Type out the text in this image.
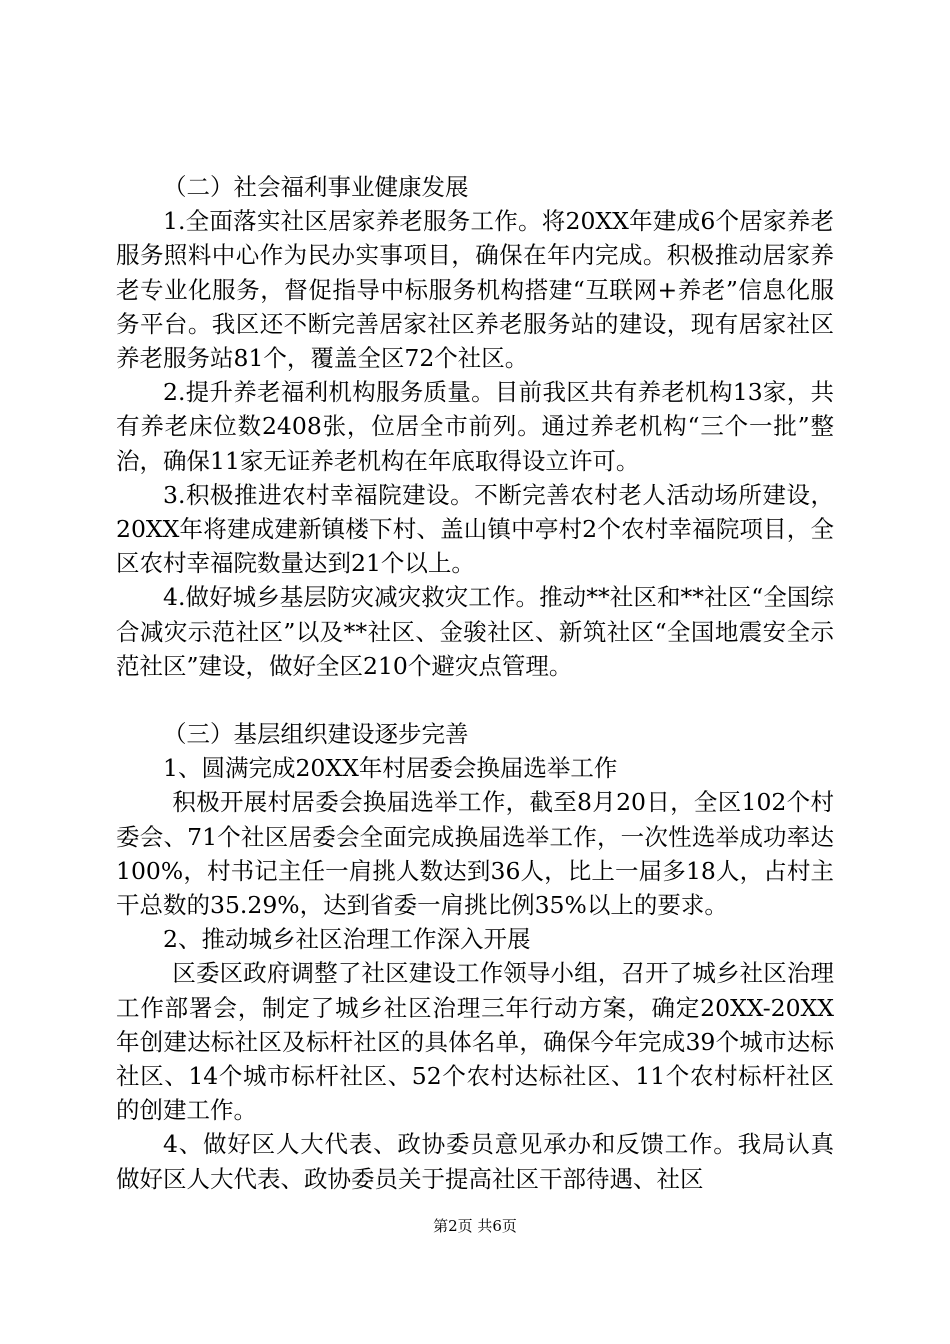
（二）社会福利事业健康发展

1.全面落实社区居家养老服务工作。将20XX年建成6个居家养老服务照料中心作为民办实事项目，确保在年内完成。积极推动居家养老专业化服务，督促指导中标服务机构搭建“互联网+养老”信息化服务平台。我区还不断完善居家社区养老服务站的建设，现有居家社区养老服务站81个，覆盖全区72个社区。

2.提升养老福利机构服务质量。目前我区共有养老机构13家，共有养老床位数2408张，位居全市前列。通过养老机构“三个一批”整治，确保11家无证养老机构在年底取得设立许可。

3.积极推进农村幸福院建设。不断完善农村老人活动场所建设，20XX年将建成建新镇楼下村、盖山镇中亭村2个农村幸福院项目，全区农村幸福院数量达到21个以上。

4.做好城乡基层防灾减灾救灾工作。推动**社区和**社区“全国综合减灾示范社区”以及**社区、金骏社区、新筑社区“全国地震安全示范社区”建设，做好全区210个避灾点管理。

（三）基层组织建设逐步完善

1、圆满完成20XX年村居委会换届选举工作

积极开展村居委会换届选举工作，截至8月20日，全区102个村委会、71个社区居委会全面完成换届选举工作，一次性选举成功率达100%，村书记主任一肩挑人数达到36人，比上一届多18人，占村主干总数的35.29%，达到省委一肩挑比例35%以上的要求。

2、推动城乡社区治理工作深入开展

区委区政府调整了社区建设工作领导小组，召开了城乡社区治理工作部署会，制定了城乡社区治理三年行动方案，确定20XX-20XX年创建达标社区及标杆社区的具体名单，确保今年完成39个城市达标社区、14个城市标杆社区、52个农村达标社区、11个农村标杆社区的创建工作。

4、做好区人大代表、政协委员意见承办和反馈工作。我局认真做好区人大代表、政协委员关于提高社区干部待遇、社区

第2页 共6页
